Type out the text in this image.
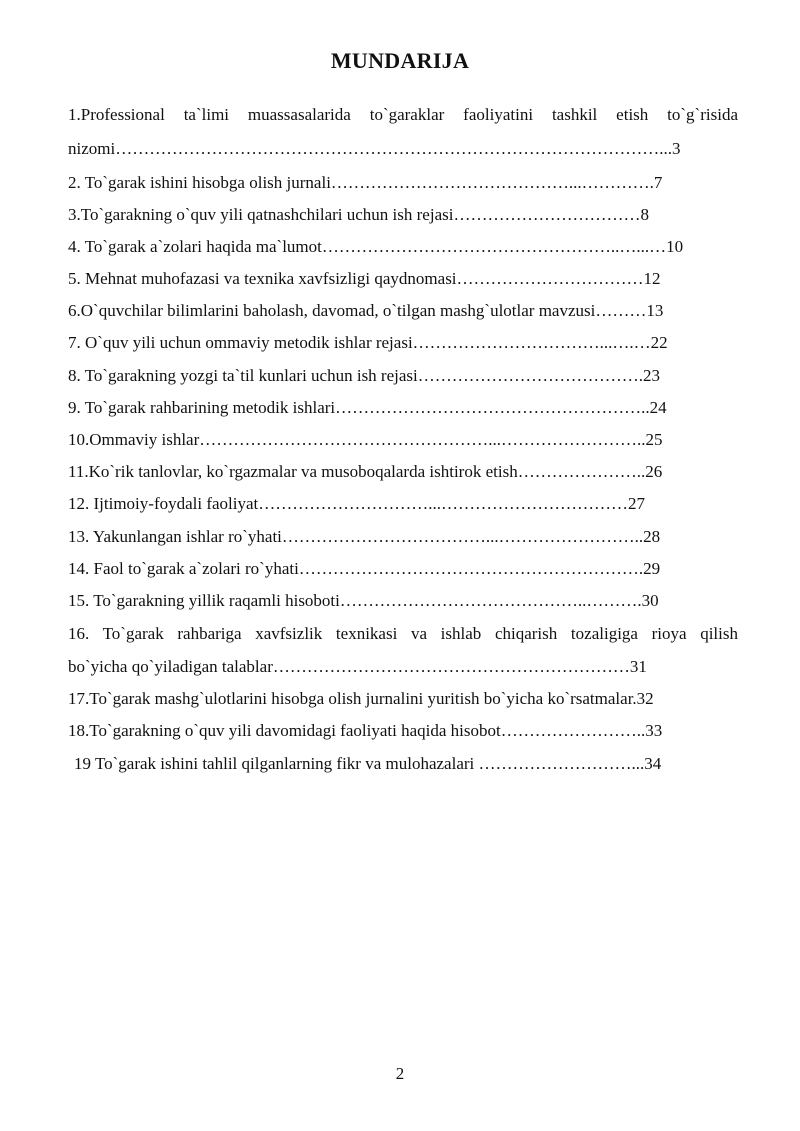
MUNDARIJA
1.Professional ta`limi muassasalarida to`garaklar faoliyatini tashkil etish to`g`risida
nizomi……………………………………………………………………………………...3
2. To`garak ishini hisobga olish jurnali……………………………………...………….7
3.To`garakning o`quv yili qatnashchilari uchun ish rejasi……………………………8
4. To`garak a`zolari haqida ma`lumot……………………………………………..…...…10
5. Mehnat muhofazasi va texnika xavfsizligi qaydnomasi……………………………12
6.O`quvchilar bilimlarini baholash, davomad, o`tilgan mashg`ulotlar mavzusi………13
7. O`quv yili uchun ommaviy metodik ishlar rejasi……………………………...….…22
8. To`garakning yozgi ta`til kunlari uchun ish rejasi………………………………….23
9. To`garak rahbarining metodik ishlari………………………………………………..24
10.Ommaviy ishlar……………………………………………...……………………..25
11.Ko`rik tanlovlar, ko`rgazmalar va musoboqalarda ishtirok etish…………………..26
12. Ijtimoiy-foydali faoliyat…………………………...……………………………27
13. Yakunlangan ishlar ro`yhati………………………………...……………………..28
14. Faol to`garak a`zolari ro`yhati…………………………………………………….29
15. To`garakning yillik raqamli hisoboti……………………………………..……….30
16. To`garak rahbariga xavfsizlik texnikasi va ishlab chiqarish tozaligiga rioya qilish
bo`yicha qo`yiladigan talablar………………………………………………………31
17.To`garak mashg`ulotlarini hisobga olish jurnalini yuritish bo`yicha ko`rsatmalar.32
18.To`garakning o`quv yili davomidagi faoliyati haqida hisobot……………………..33
19 To`garak ishini tahlil qilganlarning fikr va mulohazalari ………………………...34
2
